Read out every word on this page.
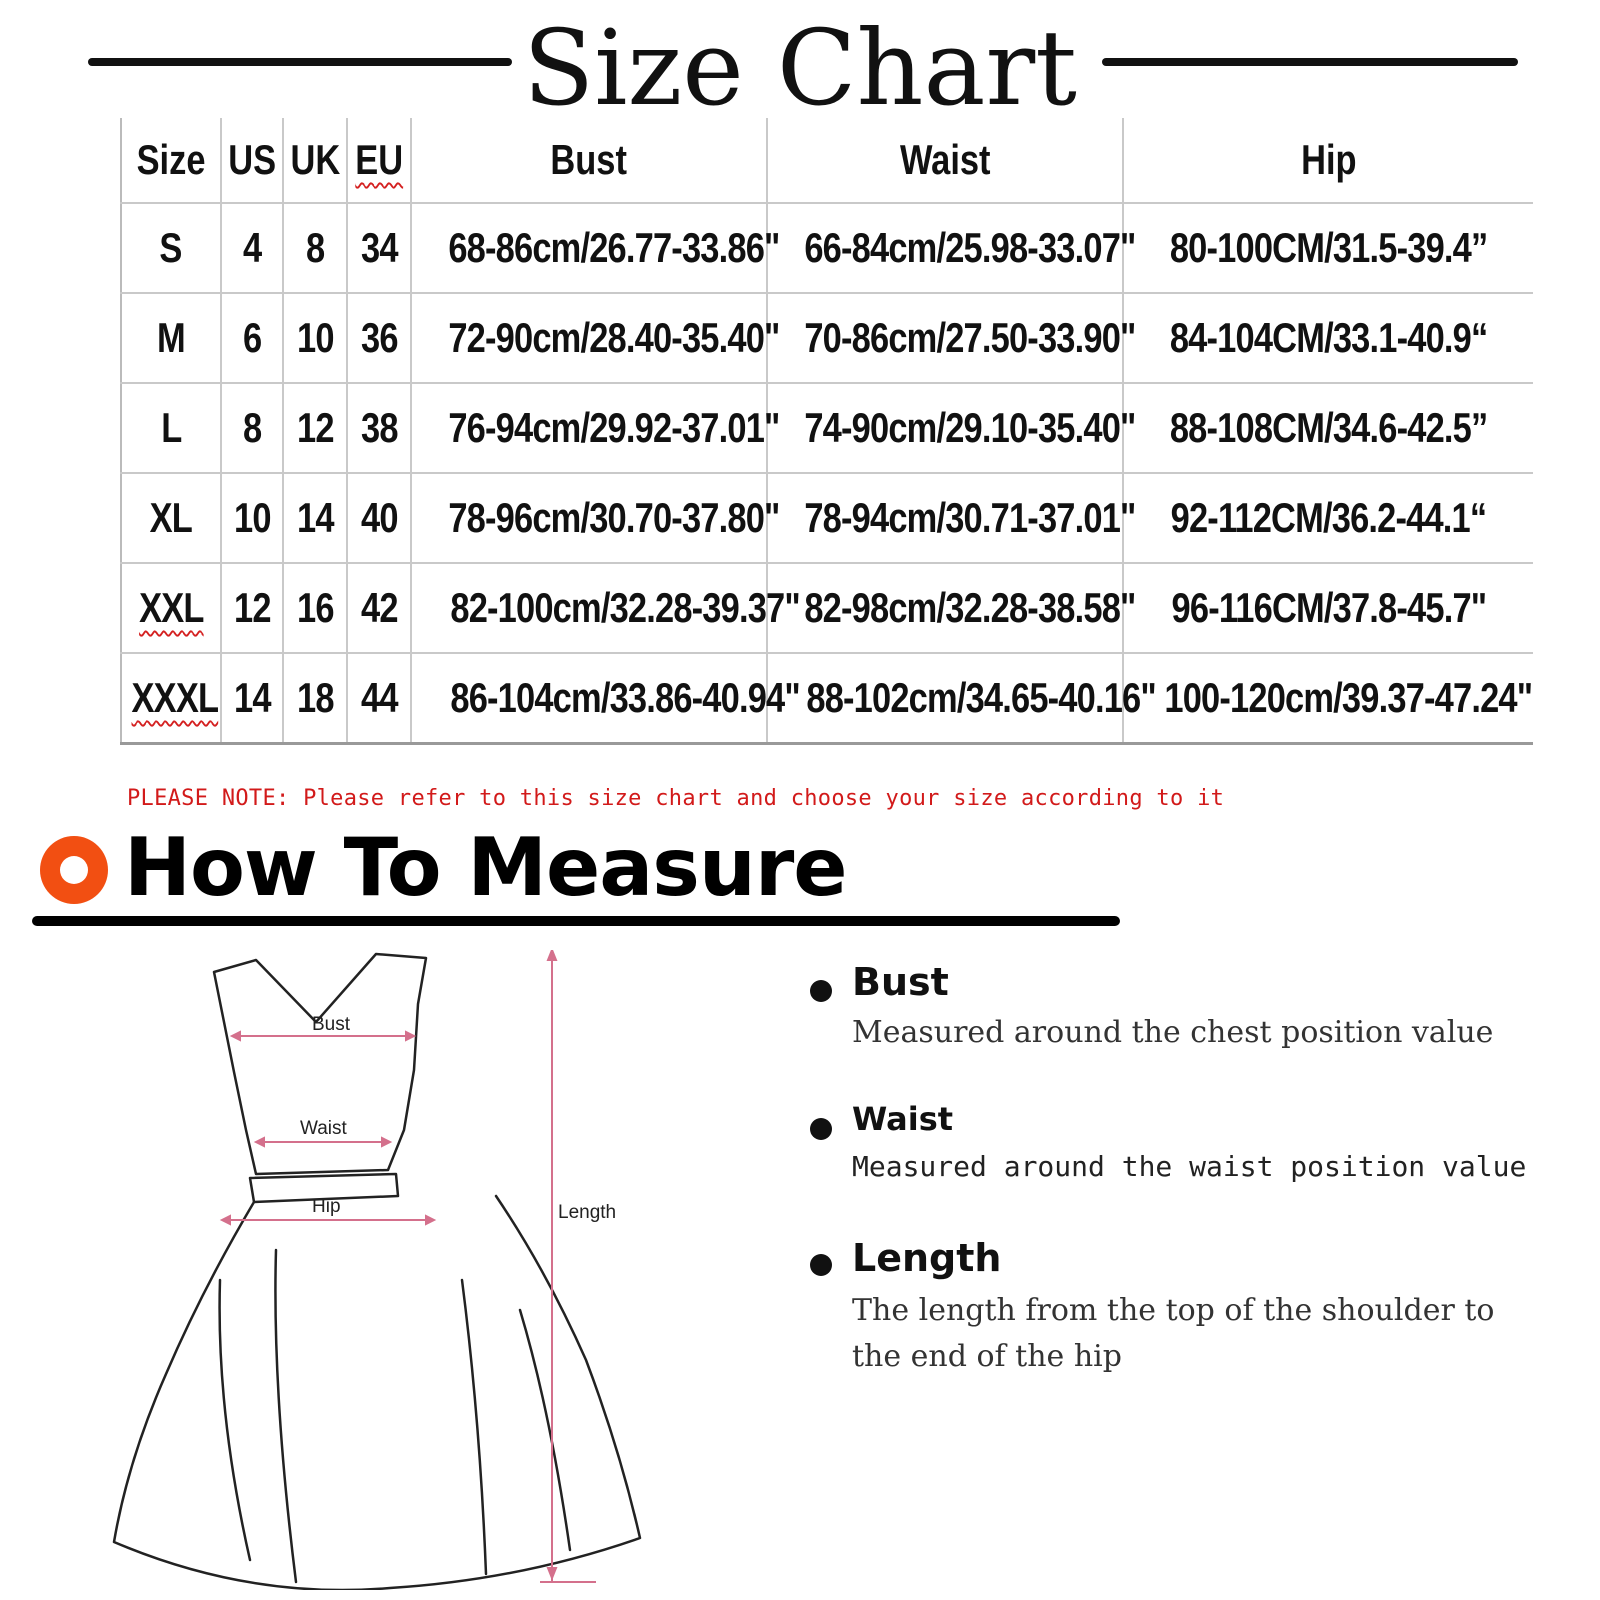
Size Chart
Size	US	UK	EU	Bust	Waist	Hip
S	4	8	34	68-86cm/26.77-33.86"	66-84cm/25.98-33.07"	80-100CM/31.5-39.4”
M	6	10	36	72-90cm/28.40-35.40"	70-86cm/27.50-33.90"	84-104CM/33.1-40.9“
L	8	12	38	76-94cm/29.92-37.01"	74-90cm/29.10-35.40"	88-108CM/34.6-42.5”
XL	10	14	40	78-96cm/30.70-37.80"	78-94cm/30.71-37.01"	92-112CM/36.2-44.1“
XXL	12	16	42	82-100cm/32.28-39.37"	82-98cm/32.28-38.58"	96-116CM/37.8-45.7"
XXXL	14	18	44	86-104cm/33.86-40.94"	88-102cm/34.65-40.16"	100-120cm/39.37-47.24"
PLEASE NOTE: Please refer to this size chart and choose your size according to it
How To Measure
Bust
Waist
Hip	Length
Bust
Measured around the chest position value
Waist
Measured around the waist position value
Length
The length from the top of the shoulder to
the end of the hip
